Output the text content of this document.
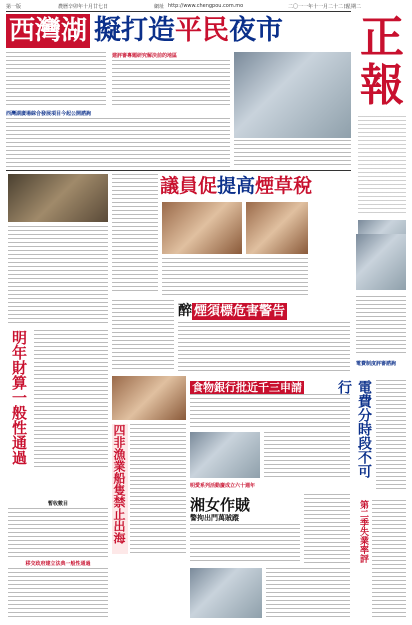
第一版	農曆辛卯年十月廿七日	網址 http://www.chengpou.com.mo	二〇一一年十一月二十二日
星期二
西灣湖 擬打造平民夜市	正
報
建評審專題研究解決前的地區
西灣湖廣場綜合發展項目今起公開諮詢
明年財算一般性通過
暫收數目
移交政府建立法典一般性通過
議員促提高煙草稅
醉 煙須標危害警告
電費制度評審諮詢
電費分時段不可行
第二季失業率評
食物銀行批近千三申請
四非漁業船隻禁止出海	明愛系列活動慶成立六十週年
湘女作賊
警拘出門萬賊蹤
